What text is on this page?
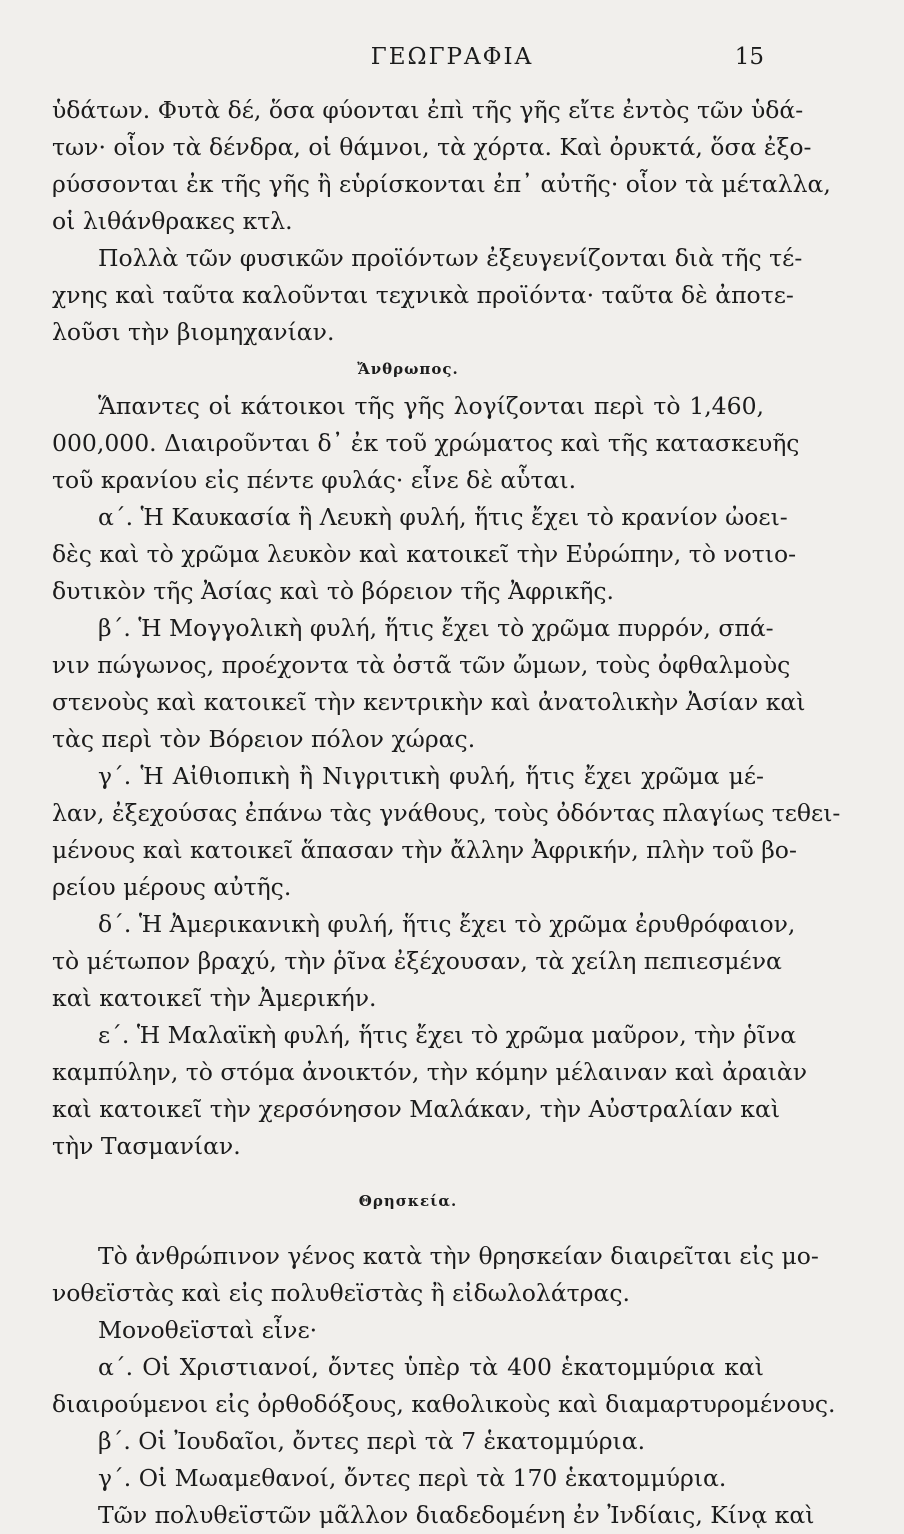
ΓΕΩΓΡΑΦΙΑ	15
ὑδάτων. Φυτὰ δέ, ὅσα φύονται ἐπὶ τῆς γῆς εἴτε ἐντὸς τῶν ὑδά-
των· οἷον τὰ δένδρα, οἱ θάμνοι, τὰ χόρτα. Καὶ ὀρυκτά, ὅσα ἐξο-
ρύσσονται ἐκ τῆς γῆς ἢ εὑρίσκονται ἐπ᾽ αὐτῆς· οἷον τὰ μέταλλα,
οἱ λιθάνθρακες κτλ.
Πολλὰ τῶν φυσικῶν προϊόντων ἐξευγενίζονται διὰ τῆς τέ-
χνης καὶ ταῦτα καλοῦνται τεχνικὰ προϊόντα· ταῦτα δὲ ἀποτε-
λοῦσι τὴν βιομηχανίαν.
Ἄνθρωπος.
Ἅπαντες οἱ κάτοικοι τῆς γῆς λογίζονται περὶ τὸ 1,460,
000,000. Διαιροῦνται δ᾽ ἐκ τοῦ χρώματος καὶ τῆς κατασκευῆς
τοῦ κρανίου εἰς πέντε φυλάς· εἶνε δὲ αὗται.
α΄. Ἡ Καυκασία ἢ Λευκὴ φυλή, ἥτις ἔχει τὸ κρανίον ὠοει-
δὲς καὶ τὸ χρῶμα λευκὸν καὶ κατοικεῖ τὴν Εὐρώπην, τὸ νοτιο-
δυτικὸν τῆς Ἀσίας καὶ τὸ βόρειον τῆς Ἀφρικῆς.
β΄. Ἡ Μογγολικὴ φυλή, ἥτις ἔχει τὸ χρῶμα πυρρόν, σπά-
νιν πώγωνος, προέχοντα τὰ ὀστᾶ τῶν ὤμων, τοὺς ὀφθαλμοὺς
στενοὺς καὶ κατοικεῖ τὴν κεντρικὴν καὶ ἀνατολικὴν Ἀσίαν καὶ
τὰς περὶ τὸν Βόρειον πόλον χώρας.
γ΄. Ἡ Αἰθιοπικὴ ἢ Νιγριτικὴ φυλή, ἥτις ἔχει χρῶμα μέ-
λαν, ἐξεχούσας ἐπάνω τὰς γνάθους, τοὺς ὀδόντας πλαγίως τεθει-
μένους καὶ κατοικεῖ ἅπασαν τὴν ἄλλην Ἀφρικήν, πλὴν τοῦ βο-
ρείου μέρους αὐτῆς.
δ΄. Ἡ Ἀμερικανικὴ φυλή, ἥτις ἔχει τὸ χρῶμα ἐρυθρόφαιον,
τὸ μέτωπον βραχύ, τὴν ῥῖνα ἐξέχουσαν, τὰ χείλη πεπιεσμένα
καὶ κατοικεῖ τὴν Ἀμερικήν.
ε΄. Ἡ Μαλαϊκὴ φυλή, ἥτις ἔχει τὸ χρῶμα μαῦρον, τὴν ῥῖνα
καμπύλην, τὸ στόμα ἀνοικτόν, τὴν κόμην μέλαιναν καὶ ἀραιὰν
καὶ κατοικεῖ τὴν χερσόνησον Μαλάκαν, τὴν Αὐστραλίαν καὶ
τὴν Τασμανίαν.
Θρησκεία.
Τὸ ἀνθρώπινον γένος κατὰ τὴν θρησκείαν διαιρεῖται εἰς μο-
νοθεϊστὰς καὶ εἰς πολυθεϊστὰς ἢ εἰδωλολάτρας.
Μονοθεϊσταὶ εἶνε·
α΄. Οἱ Χριστιανοί, ὄντες ὑπὲρ τὰ 400 ἑκατομμύρια καὶ
διαιρούμενοι εἰς ὀρθοδόξους, καθολικοὺς καὶ διαμαρτυρομένους.
β΄. Οἱ Ἰουδαῖοι, ὄντες περὶ τὰ 7 ἑκατομμύρια.
γ΄. Οἱ Μωαμεθανοί, ὄντες περὶ τὰ 170 ἑκατομμύρια.
Τῶν πολυθεϊστῶν μᾶλλον διαδεδομένη ἐν Ἰνδίαις, Κίνᾳ καὶ
